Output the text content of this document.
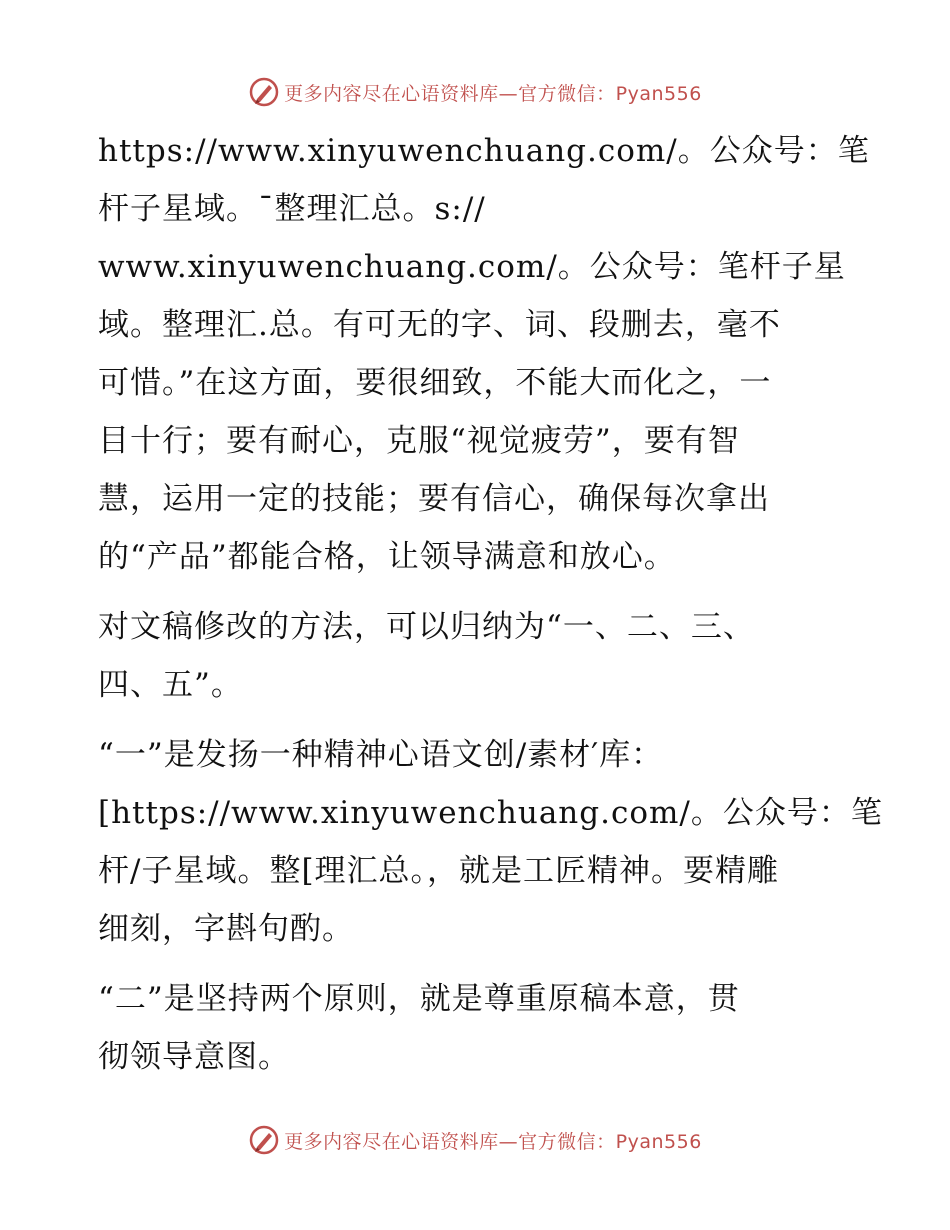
更多内容尽在心语资料库—官方微信：Pyan556

https://www.xinyuwenchuang.com/。公众号：笔
杆子星域。¯整理汇总。s://
www.xinyuwenchuang.com/。公众号：笔杆子星
域。整理汇.总。有可无的字、词、段删去，毫不
可惜。”在这方面，要很细致，不能大而化之，一
目十行；要有耐心，克服“视觉疲劳”，要有智
慧，运用一定的技能；要有信心，确保每次拿出
的“产品”都能合格，让领导满意和放心。

对文稿修改的方法，可以归纳为“一、二、三、
四、五”。

“一”是发扬一种精神心语文创/素材′库：
[https://www.xinyuwenchuang.com/。公众号：笔
杆/子星域。整[理汇总。，就是工匠精神。要精雕
细刻，字斟句酌。

“二”是坚持两个原则，就是尊重原稿本意，贯
彻领导意图。

更多内容尽在心语资料库—官方微信：Pyan556
